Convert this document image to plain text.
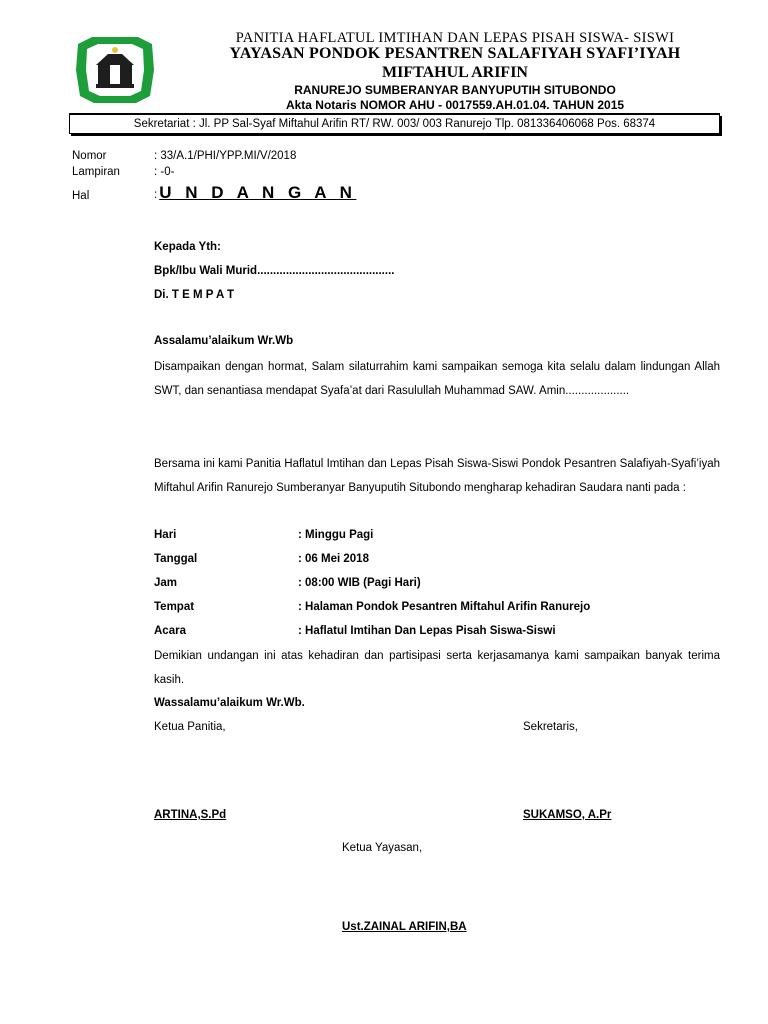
PANITIA HAFLATUL IMTIHAN DAN LEPAS PISAH SISWA- SISWI
YAYASAN PONDOK PESANTREN SALAFIYAH SYAFI’IYAH
MIFTAHUL ARIFIN
RANUREJO SUMBERANYAR BANYUPUTIH SITUBONDO
Akta Notaris NOMOR AHU - 0017559.AH.01.04. TAHUN 2015
Sekretariat : Jl. PP Sal-Syaf Miftahul Arifin RT/ RW. 003/ 003 Ranurejo Tlp. 081336406068 Pos. 68374
Nomor	: 33/A.1/PHI/YPP.MI/V/2018
Lampiran	: -0-
Hal	: U N D A N G A N
Kepada Yth:
Bpk/Ibu Wali Murid...........................................
Di. T E M P A T
Assalamu’alaikum Wr.Wb
Disampaikan dengan hormat, Salam silaturrahim kami sampaikan semoga kita selalu dalam lindungan Allah SWT, dan senantiasa mendapat Syafa’at dari Rasulullah Muhammad SAW. Amin....................
Bersama ini kami Panitia Haflatul Imtihan dan Lepas Pisah Siswa-Siswi Pondok Pesantren Salafiyah-Syafi’iyah Miftahul Arifin Ranurejo Sumberanyar Banyuputih Situbondo mengharap kehadiran Saudara nanti pada :
Hari	: Minggu Pagi
Tanggal	: 06 Mei 2018
Jam	: 08:00 WIB (Pagi Hari)
Tempat	: Halaman Pondok Pesantren Miftahul Arifin Ranurejo
Acara	: Haflatul Imtihan Dan Lepas Pisah Siswa-Siswi
Demikian undangan ini atas kehadiran dan partisipasi serta kerjasamanya kami sampaikan banyak terima kasih.
Wassalamu’alaikum Wr.Wb.
Ketua Panitia,	Sekretaris,
ARTINA,S.Pd	SUKAMSO, A.Pr
Ketua Yayasan,
Ust.ZAINAL ARIFIN,BA
